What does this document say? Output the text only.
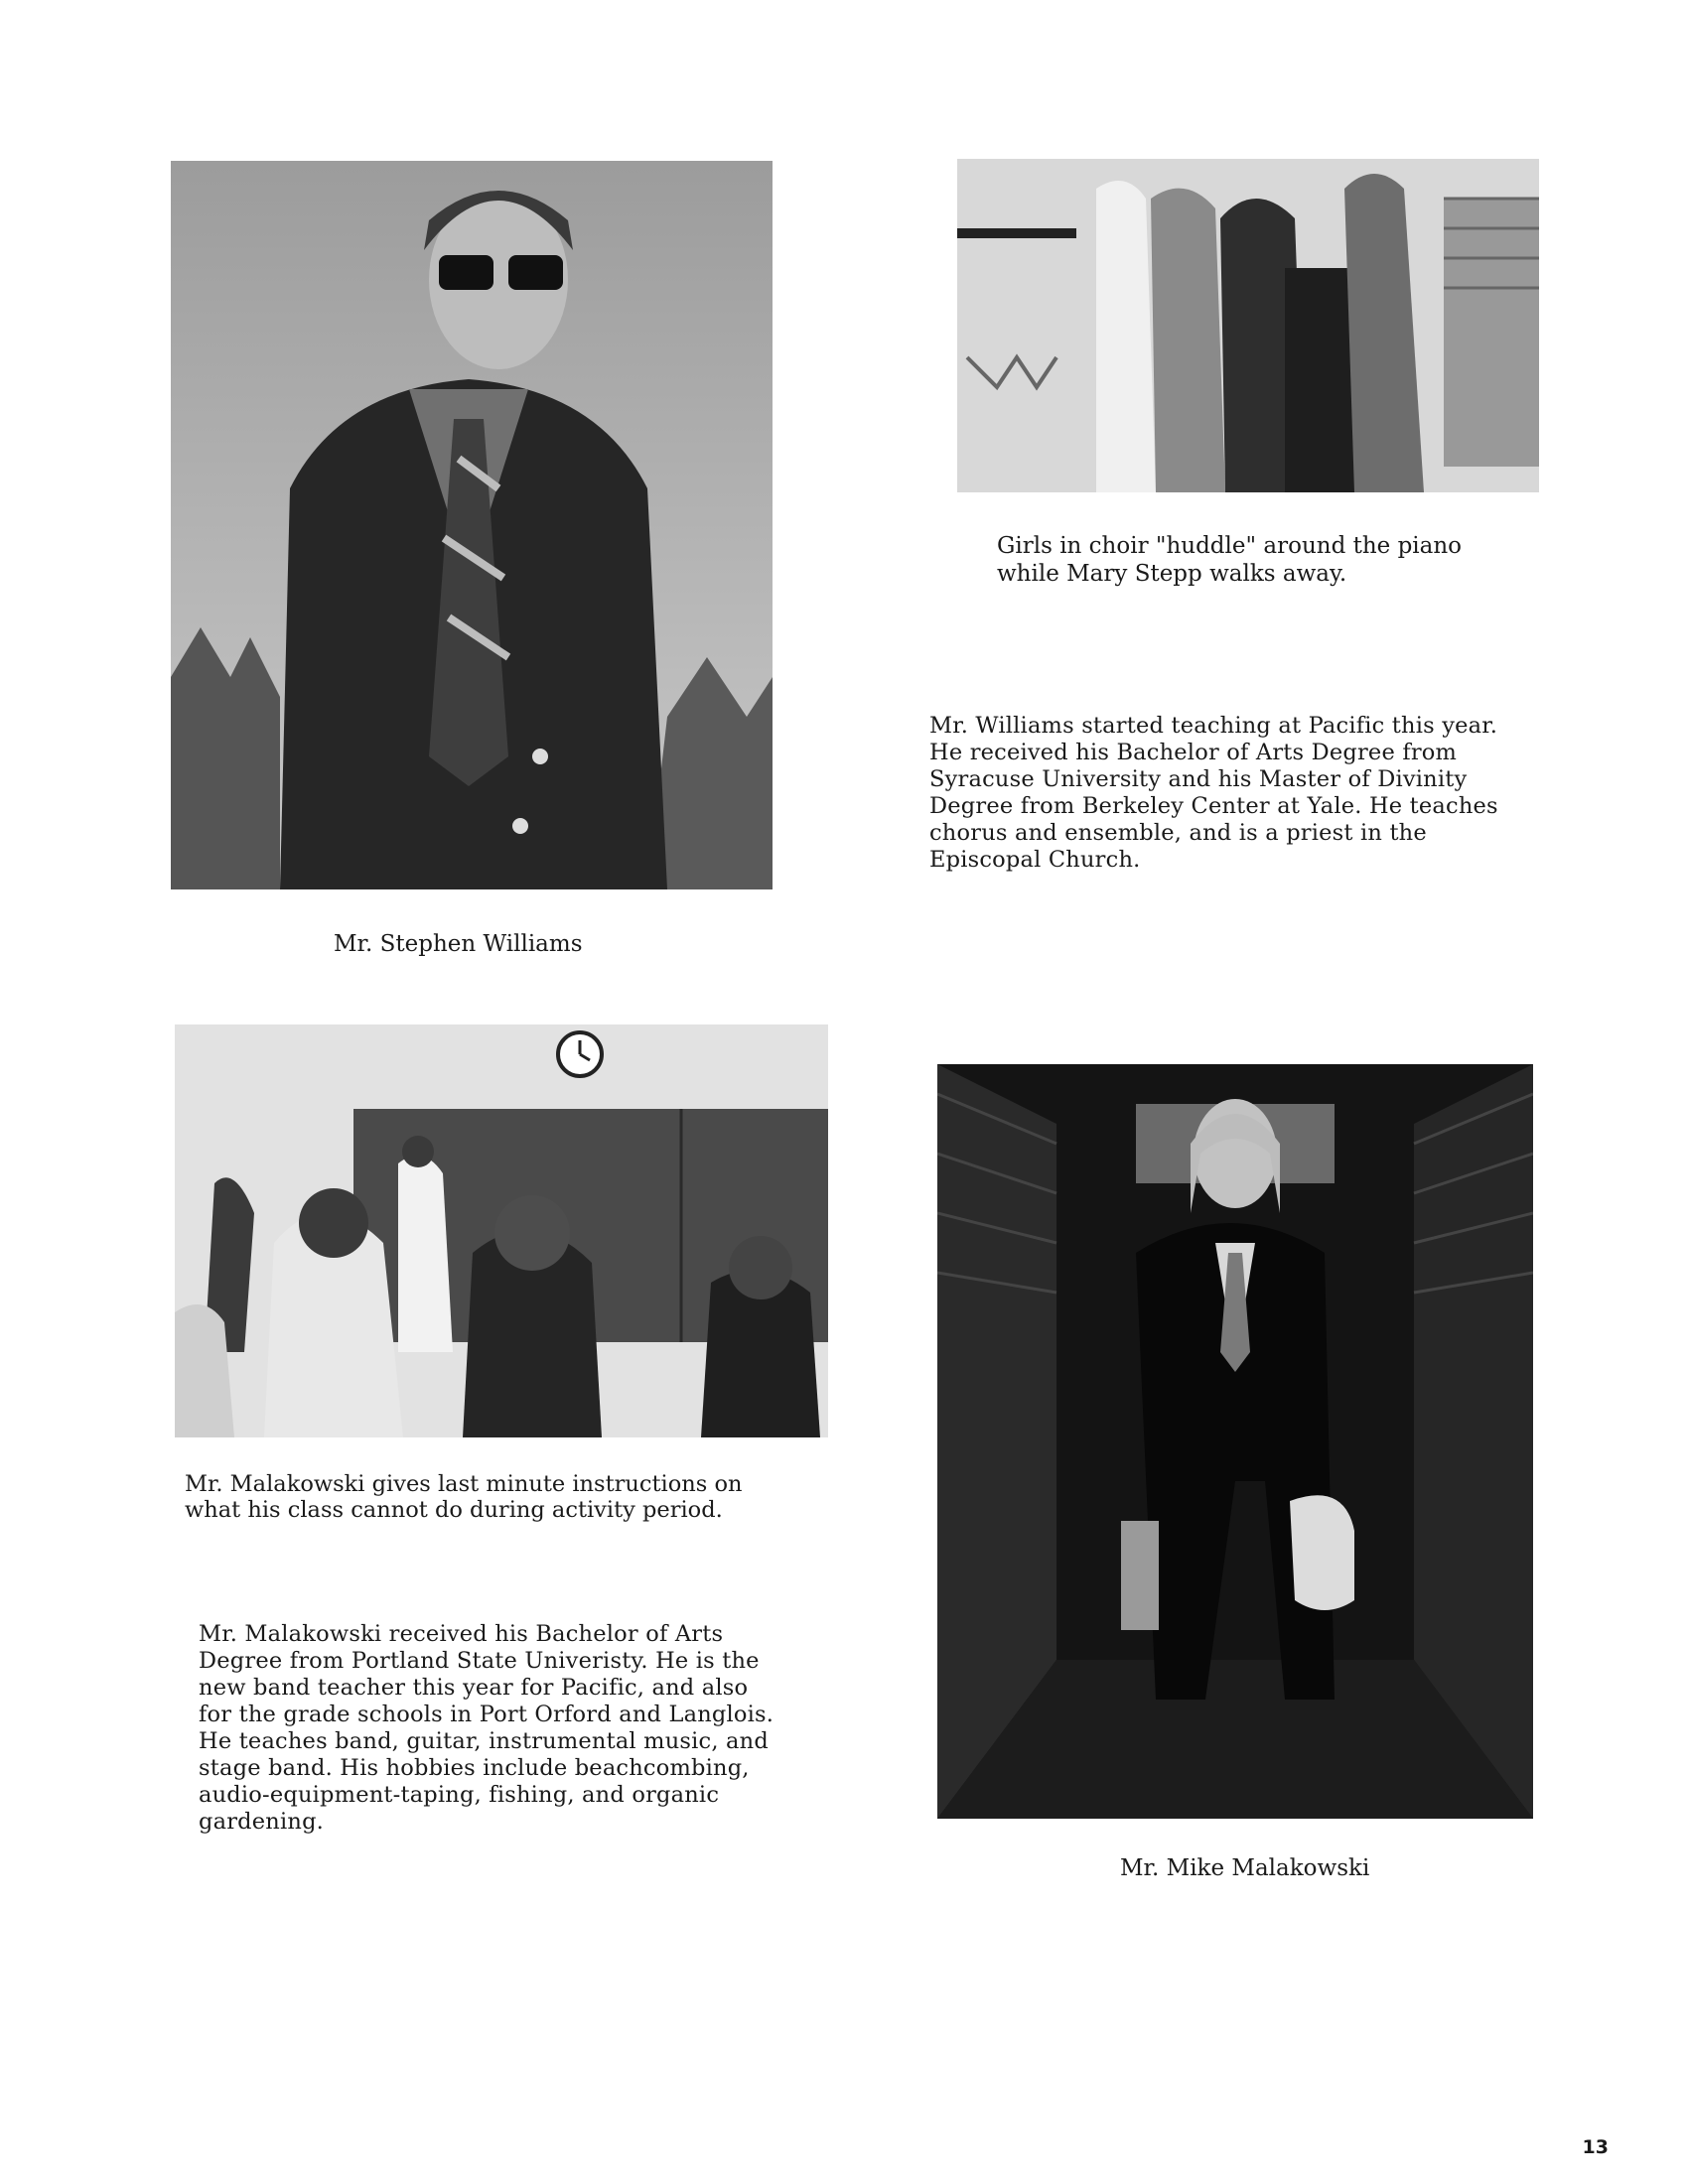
Girls in choir "huddle" around the piano
while Mary Stepp walks away.
Mr. Williams started teaching at Pacific this year.
He received his Bachelor of Arts Degree from
Syracuse University and his Master of Divinity
Degree from Berkeley Center at Yale. He teaches
chorus and ensemble, and is a priest in the
Episcopal Church.
Mr. Stephen Williams
Mr. Malakowski gives last minute instructions on
what his class cannot do during activity period.
Mr. Malakowski received his Bachelor of Arts
Degree from Portland State Univeristy. He is the
new band teacher this year for Pacific, and also
for the grade schools in Port Orford and Langlois.
He teaches band, guitar, instrumental music, and
stage band. His hobbies include beachcombing,
audio-equipment-taping, fishing, and organic
gardening.
Mr. Mike Malakowski
13
